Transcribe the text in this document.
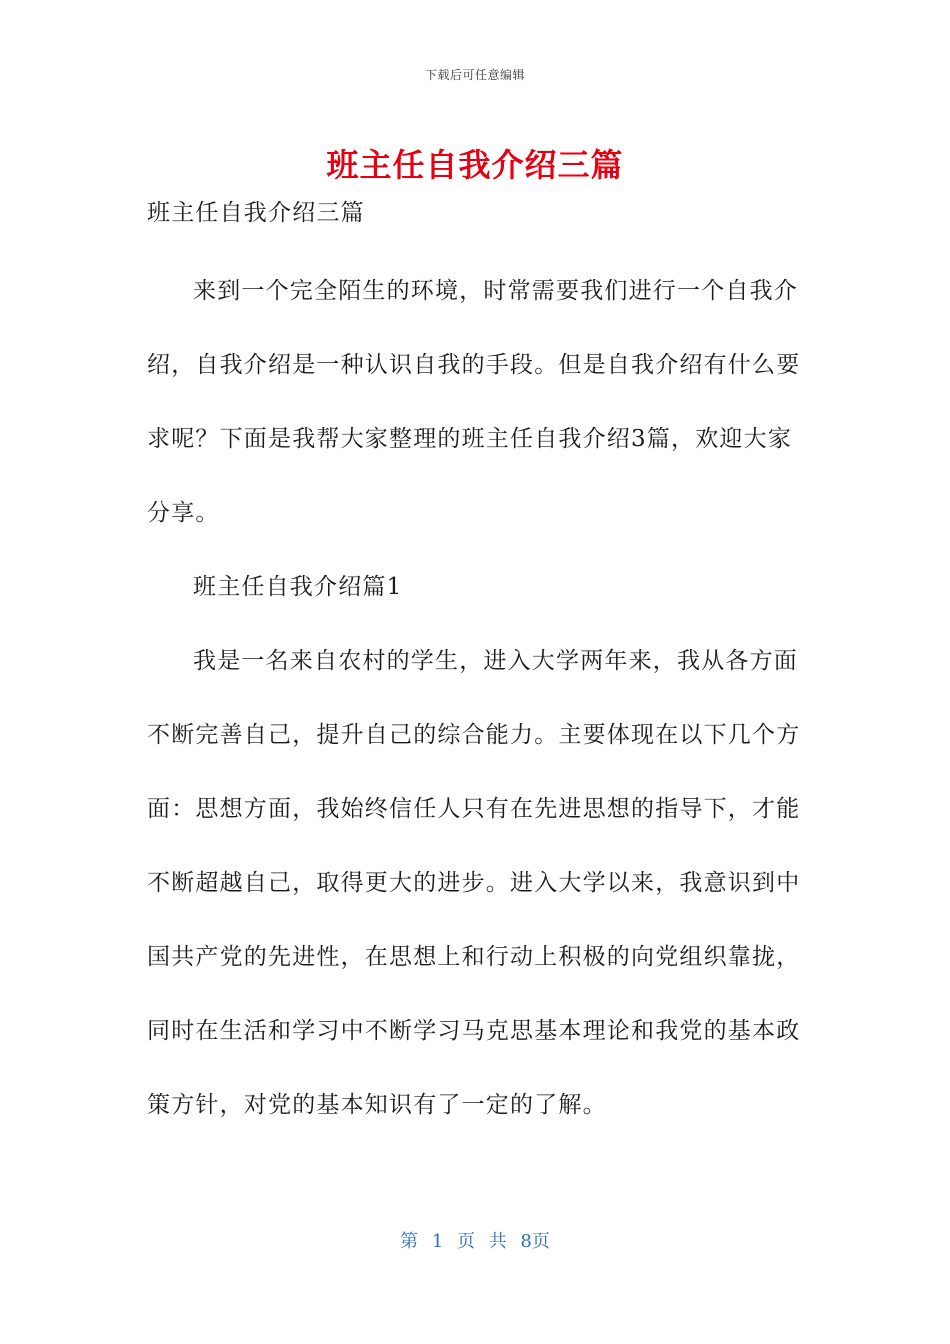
下载后可任意编辑
班主任自我介绍三篇

班主任自我介绍三篇

来到一个完全陌生的环境，时常需要我们进行一个自我介

绍，自我介绍是一种认识自我的手段。但是自我介绍有什么要

求呢？下面是我帮大家整理的班主任自我介绍3篇，欢迎大家

分享。

班主任自我介绍篇1

我是一名来自农村的学生，进入大学两年来，我从各方面

不断完善自己，提升自己的综合能力。主要体现在以下几个方

面：思想方面，我始终信任人只有在先进思想的指导下，才能

不断超越自己，取得更大的进步。进入大学以来，我意识到中

国共产党的先进性，在思想上和行动上积极的向党组织靠拢，

同时在生活和学习中不断学习马克思基本理论和我党的基本政

策方针，对党的基本知识有了一定的了解。

第 1 页 共 8页
